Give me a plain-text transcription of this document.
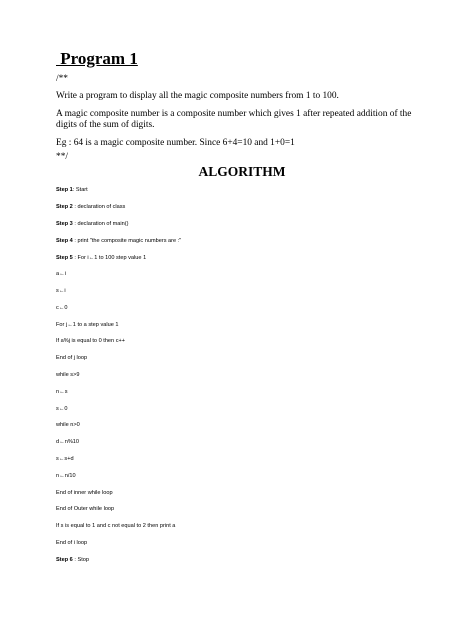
Program 1
/**
Write a program to display all the magic composite numbers from 1 to 100.
A magic composite number is a composite number which gives 1 after repeated addition of the digits of the sum of digits.
Eg : 64 is a magic composite number. Since 6+4=10 and 1+0=1
**/
ALGORITHM
Step 1: Start
Step 2 : declaration of class
Step 3 : declaration of main()
Step 4 : print "the composite magic numbers are :"
Step 5 : For i←1 to 100 step value 1
a←i
s←i
c←0
For j←1 to a step value 1
If a%j is equal to 0 then c++
End of j loop
while s>9
n←s
s←0
while n>0
d←n%10
s←s+d
n←n/10
End of inner while loop
End of Outer while loop
If s is equal to 1 and c not equal to 2 then print a
End of i loop
Step 6 : Stop
